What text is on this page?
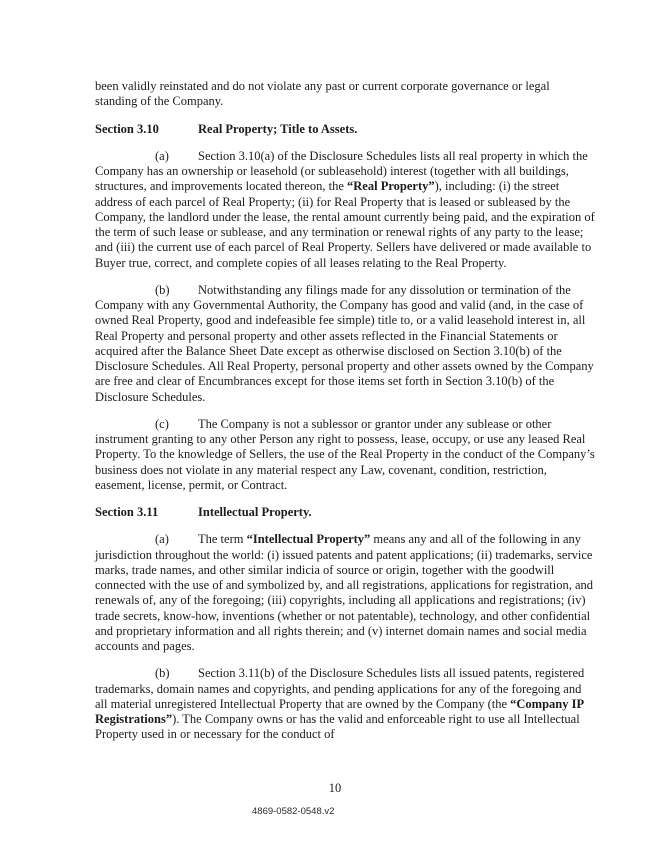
been validly reinstated and do not violate any past or current corporate governance or legal standing of the Company.

Section 3.10	Real Property; Title to Assets.

(a) Section 3.10(a) of the Disclosure Schedules lists all real property in which the Company has an ownership or leasehold (or subleasehold) interest (together with all buildings, structures, and improvements located thereon, the “Real Property”), including: (i) the street address of each parcel of Real Property; (ii) for Real Property that is leased or subleased by the Company, the landlord under the lease, the rental amount currently being paid, and the expiration of the term of such lease or sublease, and any termination or renewal rights of any party to the lease; and (iii) the current use of each parcel of Real Property. Sellers have delivered or made available to Buyer true, correct, and complete copies of all leases relating to the Real Property.

(b) Notwithstanding any filings made for any dissolution or termination of the Company with any Governmental Authority, the Company has good and valid (and, in the case of owned Real Property, good and indefeasible fee simple) title to, or a valid leasehold interest in, all Real Property and personal property and other assets reflected in the Financial Statements or acquired after the Balance Sheet Date except as otherwise disclosed on Section 3.10(b) of the Disclosure Schedules. All Real Property, personal property and other assets owned by the Company are free and clear of Encumbrances except for those items set forth in Section 3.10(b) of the Disclosure Schedules.

(c) The Company is not a sublessor or grantor under any sublease or other instrument granting to any other Person any right to possess, lease, occupy, or use any leased Real Property. To the knowledge of Sellers, the use of the Real Property in the conduct of the Company’s business does not violate in any material respect any Law, covenant, condition, restriction, easement, license, permit, or Contract.

Section 3.11	Intellectual Property.

(a) The term “Intellectual Property” means any and all of the following in any jurisdiction throughout the world: (i) issued patents and patent applications; (ii) trademarks, service marks, trade names, and other similar indicia of source or origin, together with the goodwill connected with the use of and symbolized by, and all registrations, applications for registration, and renewals of, any of the foregoing; (iii) copyrights, including all applications and registrations; (iv) trade secrets, know-how, inventions (whether or not patentable), technology, and other confidential and proprietary information and all rights therein; and (v) internet domain names and social media accounts and pages.

(b) Section 3.11(b) of the Disclosure Schedules lists all issued patents, registered trademarks, domain names and copyrights, and pending applications for any of the foregoing and all material unregistered Intellectual Property that are owned by the Company (the “Company IP Registrations”). The Company owns or has the valid and enforceable right to use all Intellectual Property used in or necessary for the conduct of

10
4869-0582-0548.v2
